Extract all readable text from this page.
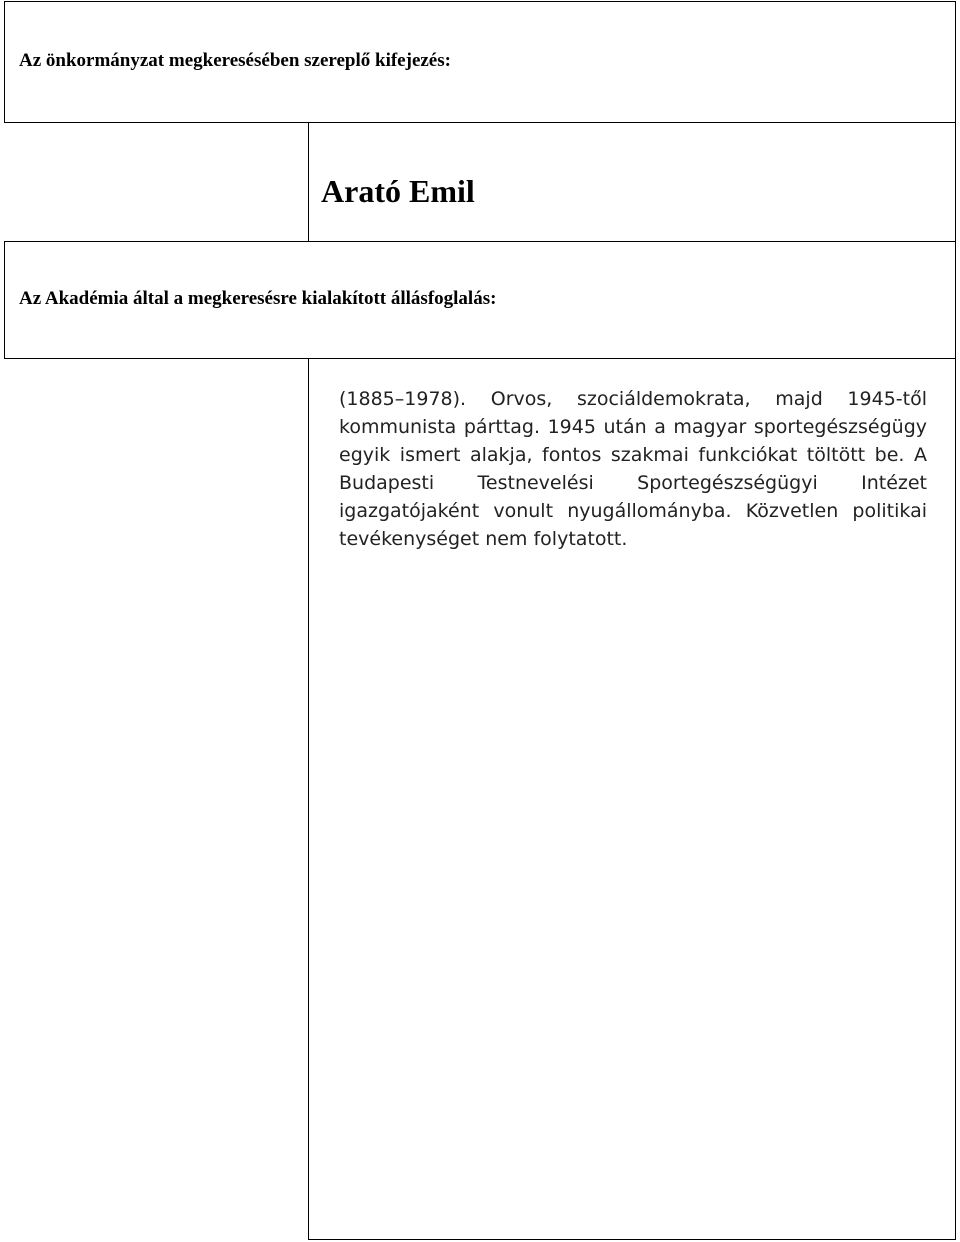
Az önkormányzat megkeresésében szereplő kifejezés:
Arató Emil
Az Akadémia által a megkeresésre kialakított állásfoglalás:

(1885–1978). Orvos, szociáldemokrata, majd 1945-től kommunista párttag. 1945 után a magyar sportegészségügy egyik ismert alakja, fontos szakmai funkciókat töltött be. A Budapesti Testnevelési Sportegészségügyi Intézet igazgatójaként vonult nyugállományba. Közvetlen politikai tevékenységet nem folytatott.
